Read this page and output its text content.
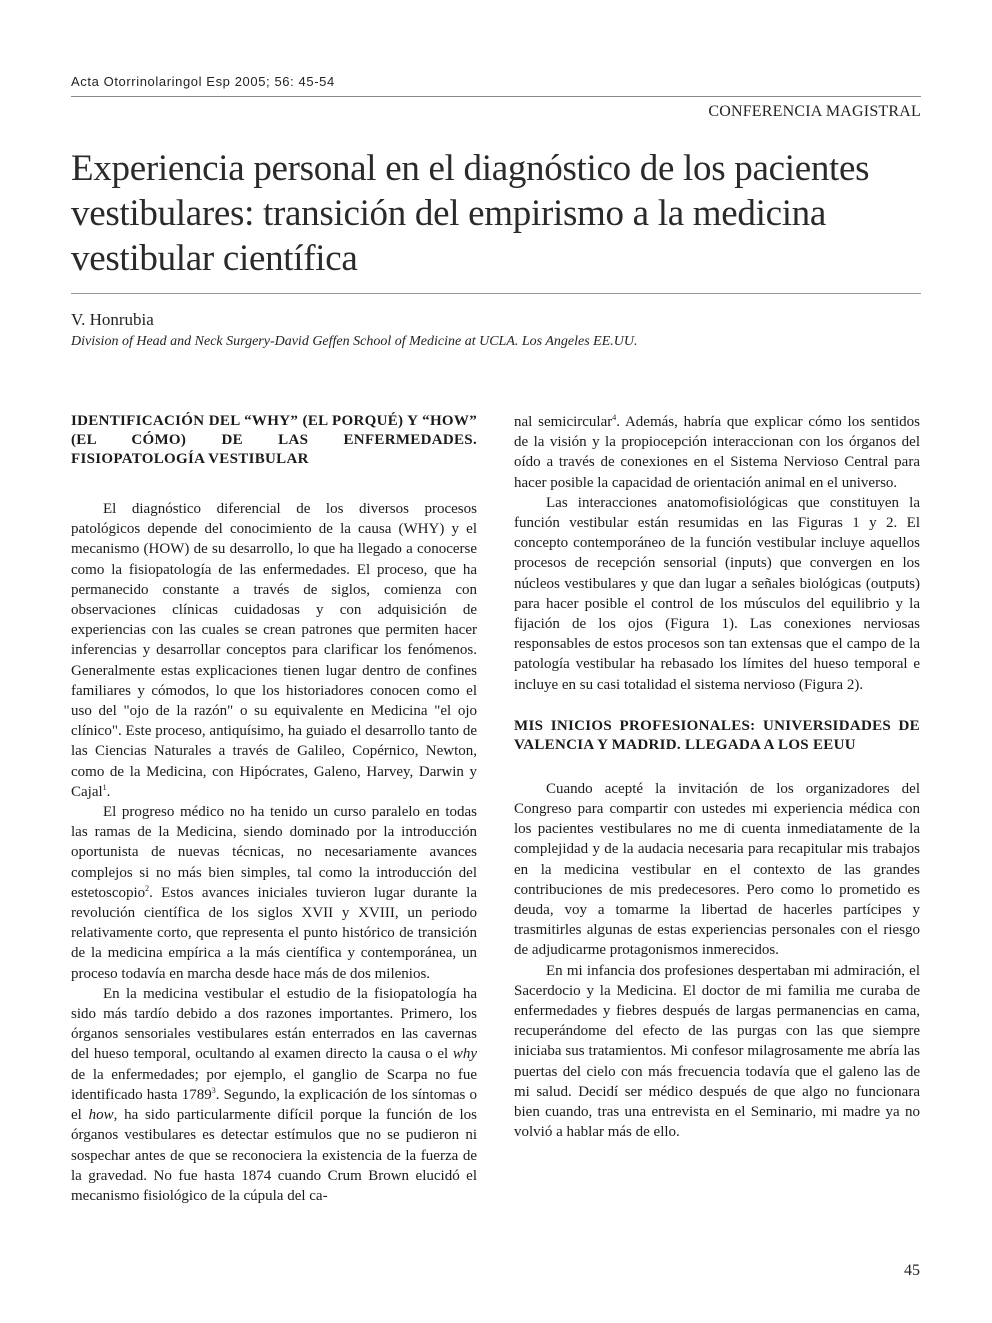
Acta Otorrinolaringol Esp 2005; 56: 45-54
CONFERENCIA MAGISTRAL
Experiencia personal en el diagnóstico de los pacientes vestibulares: transición del empirismo a la medicina vestibular científica
V. Honrubia
Division of Head and Neck Surgery-David Geffen School of Medicine at UCLA. Los Angeles EE.UU.
IDENTIFICACIÓN DEL “WHY” (EL PORQUÉ) Y “HOW” (EL CÓMO) DE LAS ENFERMEDADES. FISIOPATOLOGÍA VESTIBULAR

El diagnóstico diferencial de los diversos procesos patológicos depende del conocimiento de la causa (WHY) y el mecanismo (HOW) de su desarrollo, lo que ha llegado a conocerse como la fisiopatología de las enfermedades. El proceso, que ha permanecido constante a través de siglos, comienza con observaciones clínicas cuidadosas y con adquisición de experiencias con las cuales se crean patrones que permiten hacer inferencias y desarrollar conceptos para clarificar los fenómenos. Generalmente estas explicaciones tienen lugar dentro de confines familiares y cómodos, lo que los historiadores conocen como el uso del "ojo de la razón" o su equivalente en Medicina "el ojo clínico". Este proceso, antiquísimo, ha guiado el desarrollo tanto de las Ciencias Naturales a través de Galileo, Copérnico, Newton, como de la Medicina, con Hipócrates, Galeno, Harvey, Darwin y Cajal$^1$.

El progreso médico no ha tenido un curso paralelo en todas las ramas de la Medicina, siendo dominado por la introducción oportunista de nuevas técnicas, no necesariamente avances complejos si no más bien simples, tal como la introducción del estetoscopio$^2$. Estos avances iniciales tuvieron lugar durante la revolución científica de los siglos XVII y XVIII, un periodo relativamente corto, que representa el punto histórico de transición de la medicina empírica a la más científica y contemporánea, un proceso todavía en marcha desde hace más de dos milenios.

En la medicina vestibular el estudio de la fisiopatología ha sido más tardío debido a dos razones importantes. Primero, los órganos sensoriales vestibulares están enterrados en las cavernas del hueso temporal, ocultando al examen directo la causa o el why de la enfermedades; por ejemplo, el ganglio de Scarpa no fue identificado hasta 1789$^3$. Segundo, la explicación de los síntomas o el how, ha sido particularmente difícil porque la función de los órganos vestibulares es detectar estímulos que no se pudieron ni sospechar antes de que se reconociera la existencia de la fuerza de la gravedad. No fue hasta 1874 cuando Crum Brown elucidó el mecanismo fisiológico de la cúpula del ca-

nal semicircular$^4$. Además, habría que explicar cómo los sentidos de la visión y la propiocepción interaccionan con los órganos del oído a través de conexiones en el Sistema Nervioso Central para hacer posible la capacidad de orientación animal en el universo.

Las interacciones anatomofisiológicas que constituyen la función vestibular están resumidas en las Figuras 1 y 2. El concepto contemporáneo de la función vestibular incluye aquellos procesos de recepción sensorial (inputs) que convergen en los núcleos vestibulares y que dan lugar a señales biológicas (outputs) para hacer posible el control de los músculos del equilibrio y la fijación de los ojos (Figura 1). Las conexiones nerviosas responsables de estos procesos son tan extensas que el campo de la patología vestibular ha rebasado los límites del hueso temporal e incluye en su casi totalidad el sistema nervioso (Figura 2).

MIS INICIOS PROFESIONALES: UNIVERSIDADES DE VALENCIA Y MADRID. LLEGADA A LOS EEUU

Cuando acepté la invitación de los organizadores del Congreso para compartir con ustedes mi experiencia médica con los pacientes vestibulares no me di cuenta inmediatamente de la complejidad y de la audacia necesaria para recapitular mis trabajos en la medicina vestibular en el contexto de las grandes contribuciones de mis predecesores. Pero como lo prometido es deuda, voy a tomarme la libertad de hacerles partícipes y trasmitirles algunas de estas experiencias personales con el riesgo de adjudicarme protagonismos inmerecidos.

En mi infancia dos profesiones despertaban mi admiración, el Sacerdocio y la Medicina. El doctor de mi familia me curaba de enfermedades y fiebres después de largas permanencias en cama, recuperándome del efecto de las purgas con las que siempre iniciaba sus tratamientos. Mi confesor milagrosamente me abría las puertas del cielo con más frecuencia todavía que el galeno las de mi salud. Decidí ser médico después de que algo no funcionara bien cuando, tras una entrevista en el Seminario, mi madre ya no volvió a hablar más de ello.

45
